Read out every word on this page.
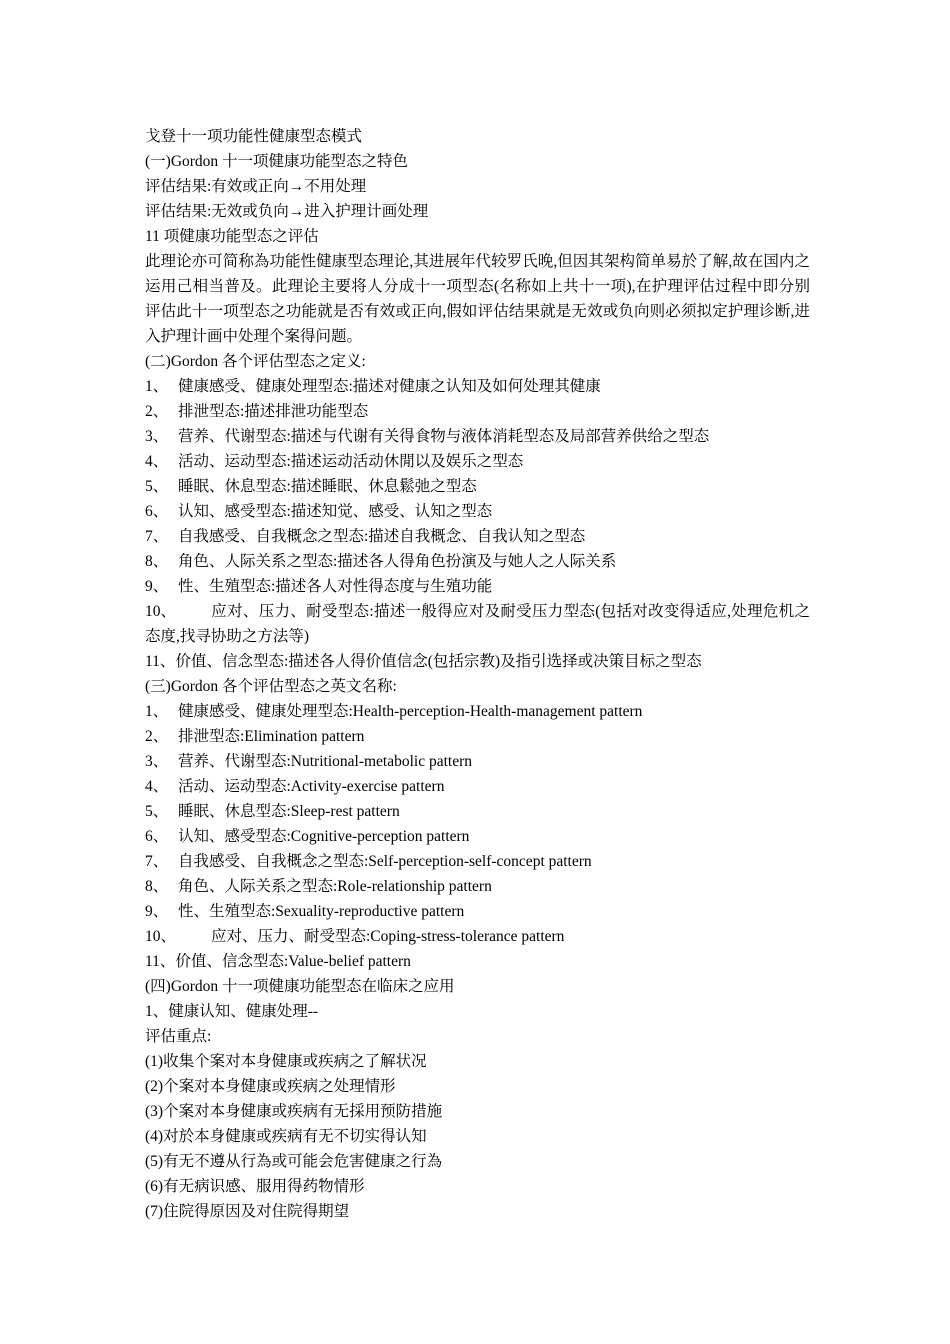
戈登十一项功能性健康型态模式
(一)Gordon 十一项健康功能型态之特色
评估结果:有效或正向→不用处理
评估结果:无效或负向→进入护理计画处理
11 项健康功能型态之评估
此理论亦可简称為功能性健康型态理论,其进展年代较罗氏晚,但因其架构简单易於了解,故在国内之运用己相当普及。此理论主要将人分成十一项型态(名称如上共十一项),在护理评估过程中即分别评估此十一项型态之功能就是否有效或正向,假如评估结果就是无效或负向则必须拟定护理诊断,进入护理计画中处理个案得问题。
(二)Gordon 各个评估型态之定义:
1、 健康感受、健康处理型态:描述对健康之认知及如何处理其健康
2、 排泄型态:描述排泄功能型态
3、 营养、代谢型态:描述与代谢有关得食物与液体消耗型态及局部营养供给之型态
4、 活动、运动型态:描述运动活动休閒以及娱乐之型态
5、 睡眠、休息型态:描述睡眠、休息鬆弛之型态
6、 认知、感受型态:描述知觉、感受、认知之型态
7、 自我感受、自我概念之型态:描述自我概念、自我认知之型态
8、 角色、人际关系之型态:描述各人得角色扮演及与她人之人际关系
9、 性、生殖型态:描述各人对性得态度与生殖功能
10、 应对、压力、耐受型态:描述一般得应对及耐受压力型态(包括对改变得适应,处理危机之态度,找寻协助之方法等)
11、 价值、信念型态:描述各人得价值信念(包括宗教)及指引选择或决策目标之型态
(三)Gordon 各个评估型态之英文名称:
1、 健康感受、健康处理型态:Health-perception-Health-management pattern
2、 排泄型态:Elimination pattern
3、 营养、代谢型态:Nutritional-metabolic pattern
4、 活动、运动型态:Activity-exercise pattern
5、 睡眠、休息型态:Sleep-rest pattern
6、 认知、感受型态:Cognitive-perception pattern
7、 自我感受、自我概念之型态:Self-perception-self-concept pattern
8、 角色、人际关系之型态:Role-relationship pattern
9、 性、生殖型态:Sexuality-reproductive pattern
10、	应对、压力、耐受型态:Coping-stress-tolerance pattern
11、 价值、信念型态:Value-belief pattern
(四)Gordon 十一项健康功能型态在临床之应用
1、健康认知、健康处理--
评估重点:
(1)收集个案对本身健康或疾病之了解状况
(2)个案对本身健康或疾病之处理情形
(3)个案对本身健康或疾病有无採用预防措施
(4)对於本身健康或疾病有无不切实得认知
(5)有无不遵从行為或可能会危害健康之行為
(6)有无病识感、服用得药物情形
(7)住院得原因及对住院得期望
